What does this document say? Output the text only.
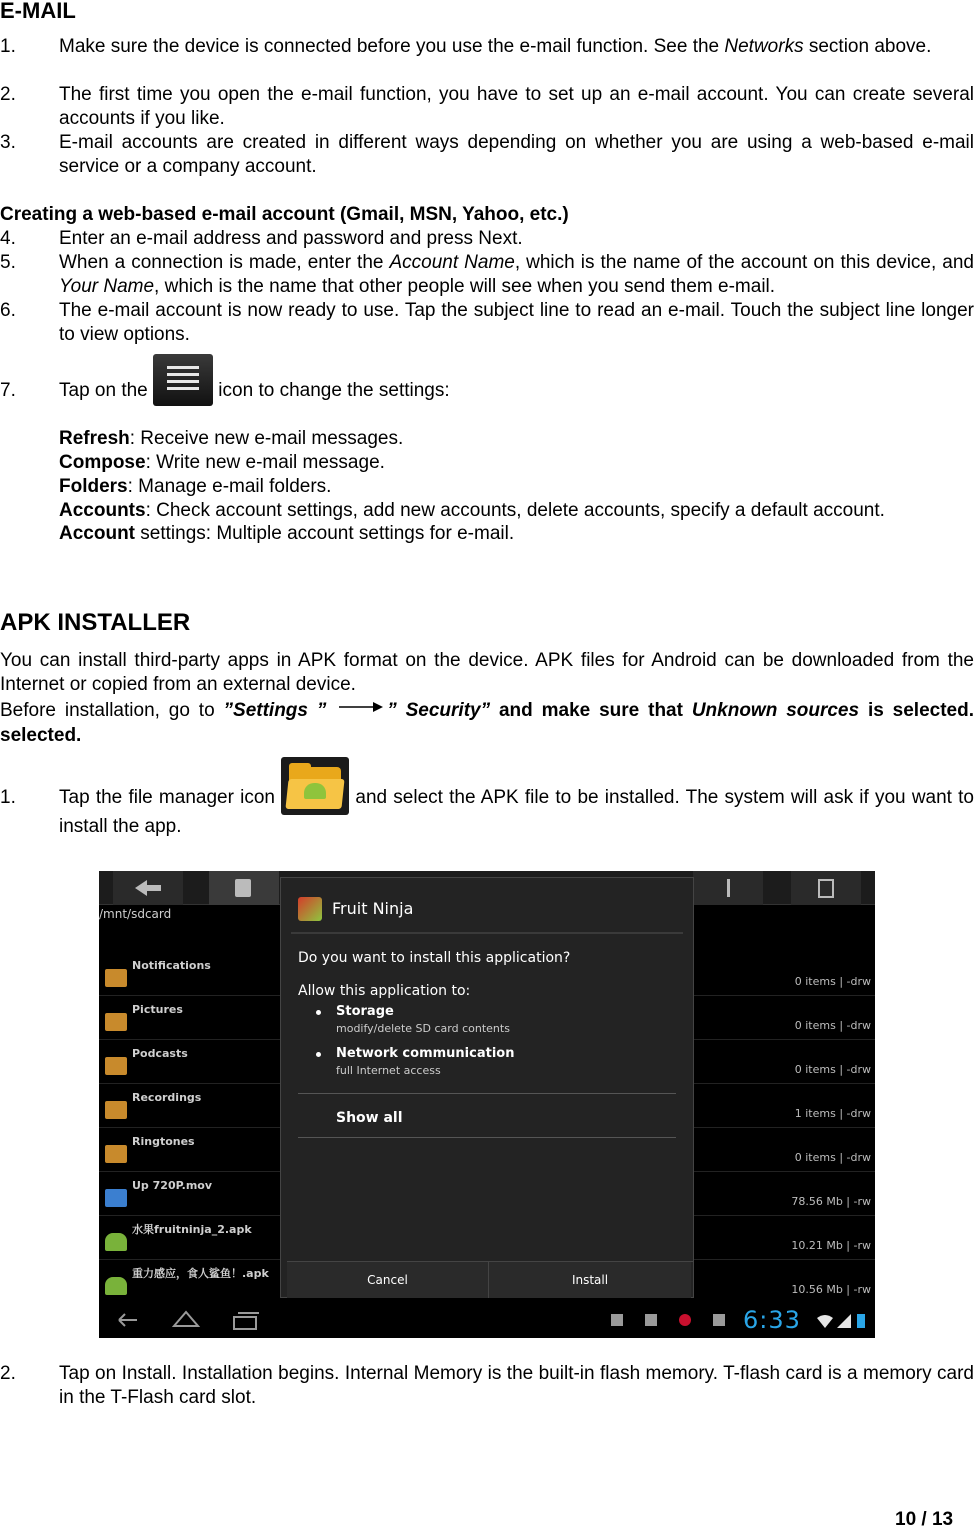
E-MAIL
1. Make sure the device is connected before you use the e-mail function. See the Networks section above.
2. The first time you open the e-mail function, you have to set up an e-mail account. You can create several accounts if you like.
3. E-mail accounts are created in different ways depending on whether you are using a web-based e-mail service or a company account.
Creating a web-based e-mail account (Gmail, MSN, Yahoo, etc.)
4. Enter an e-mail address and password and press Next.
5. When a connection is made, enter the Account Name, which is the name of the account on this device, and Your Name, which is the name that other people will see when you send them e-mail.
6. The e-mail account is now ready to use. Tap the subject line to read an e-mail. Touch the subject line longer to view options.
7. Tap on the	icon to change the settings:
Refresh: Receive new e-mail messages.
Compose: Write new e-mail message.
Folders: Manage e-mail folders.
Accounts: Check account settings, add new accounts, delete accounts, specify a default account.
Account settings: Multiple account settings for e-mail.
APK INSTALLER
You can install third-party apps in APK format on the device. APK files for Android can be downloaded from the Internet or copied from an external device.
Before installation, go to ”Settings ”	” Security” and make sure that Unknown sources is selected.
selected.
1. Tap the file manager icon	and select the APK file to be installed. The system will ask if you want to install the app.
/mnt/sdcard
Notifications
0 items | -drw
Pictures
0 items | -drw
Podcasts
0 items | -drw
Recordings
1 items | -drw
Ringtones
0 items | -drw
Up 720P.mov
78.56 Mb | -rw
水果fruitninja_2.apk
10.21 Mb | -rw
重力感应，食人鲨鱼！.apk
10.56 Mb | -rw
Fruit Ninja
Do you want to install this application?
Allow this application to:
Storage
modify/delete SD card contents
Network communication
full Internet access
Show all
Cancel	Install
6:33
2. Tap on Install. Installation begins. Internal Memory is the built-in flash memory. T-flash card is a memory card in the T-Flash card slot.
10 / 13
